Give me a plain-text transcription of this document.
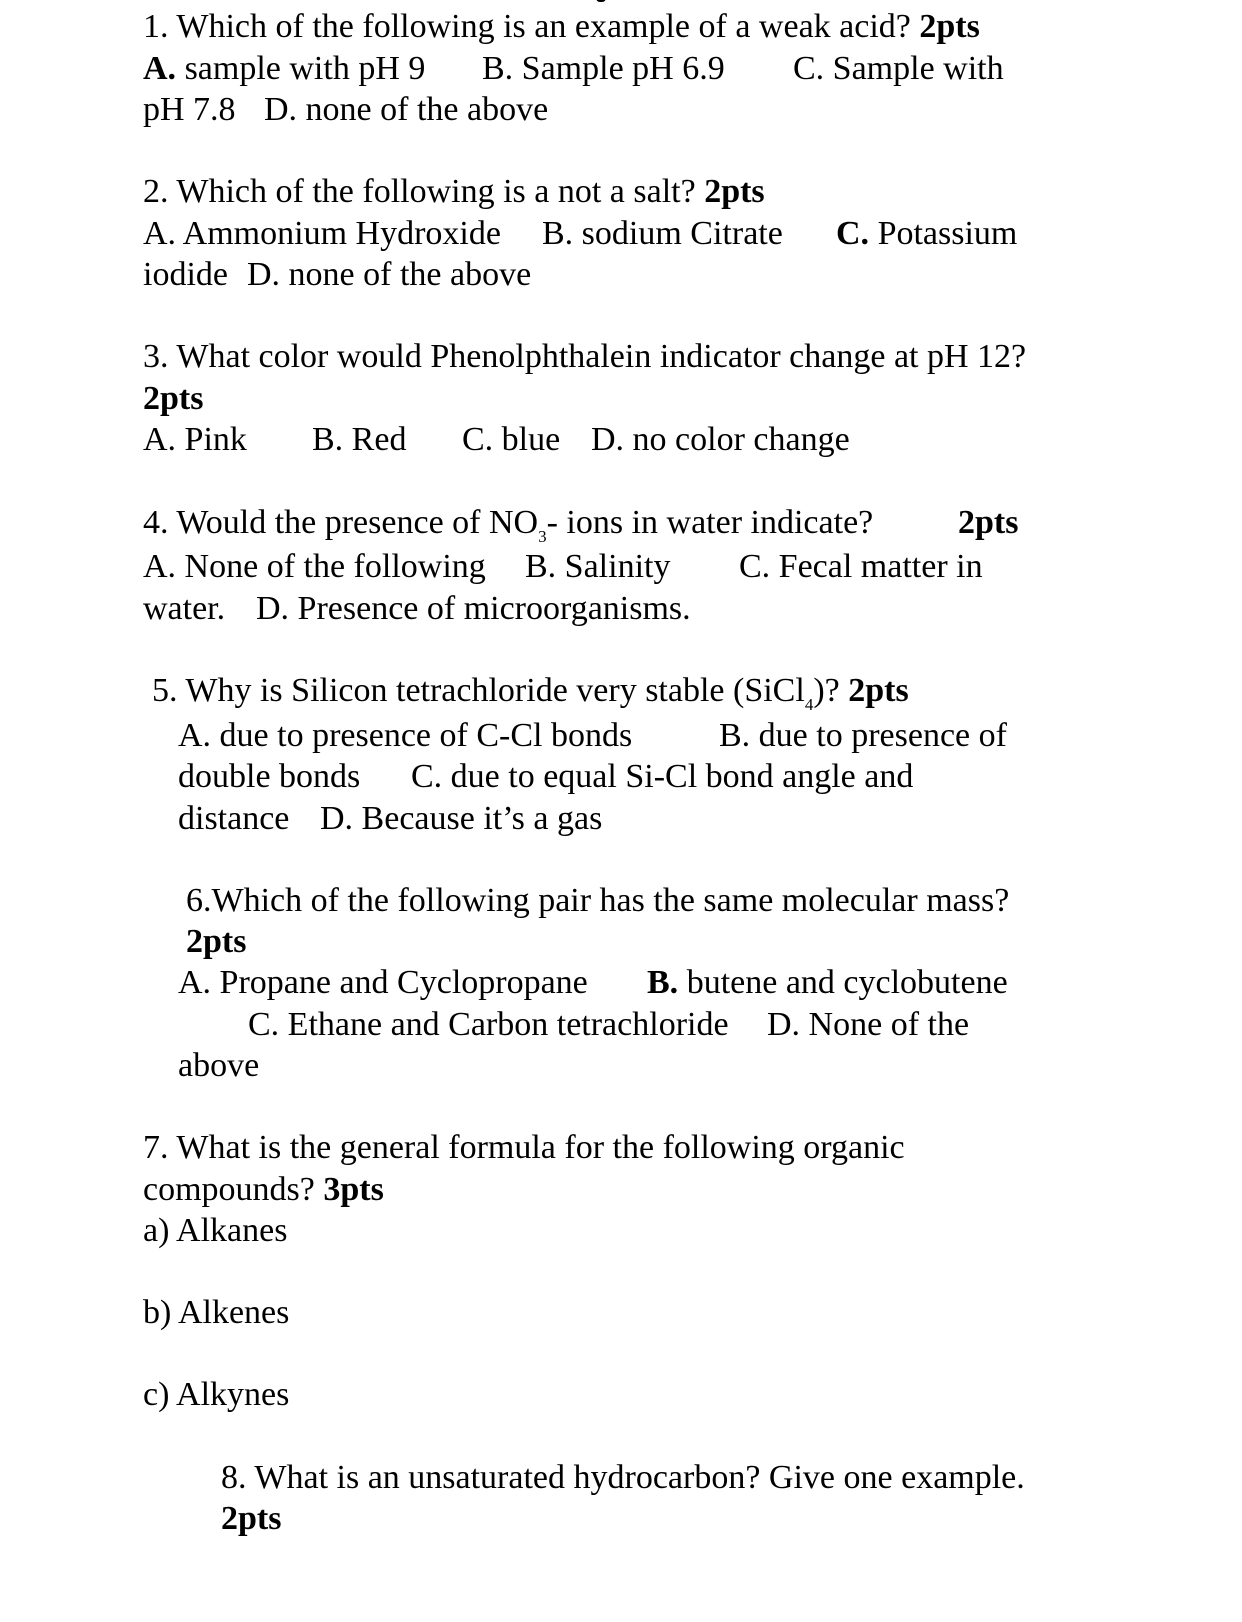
1. Which of the following is an example of a weak acid? 2pts

A. sample with pH 9 B. Sample pH 6.9 C. Sample with

pH 7.8 D. none of the above

2. Which of the following is a not a salt? 2pts

A. Ammonium Hydroxide B. sodium Citrate C. Potassium

iodide D. none of the above

3. What color would Phenolphthalein indicator change at pH 12?

2pts

A. Pink B. Red C. blue D. no color change

4. Would the presence of $NO_3-$ ions in water indicate? 2pts

A. None of the following B. Salinity C. Fecal matter in

water. D. Presence of microorganisms.

5. Why is Silicon tetrachloride very stable (SiCl$_4$)? 2pts

A. due to presence of C-Cl bonds	B. due to presence of

double bonds C. due to equal Si-Cl bond angle and

distance D. Because it’s a gas

6.Which of the following pair has the same molecular mass?

2pts

A. Propane and Cyclopropane B. butene and cyclobutene

C. Ethane and Carbon tetrachloride D. None of the

above

7. What is the general formula for the following organic

compounds? 3pts

a) Alkanes

b) Alkenes

c) Alkynes

8. What is an unsaturated hydrocarbon? Give one example.

2pts
